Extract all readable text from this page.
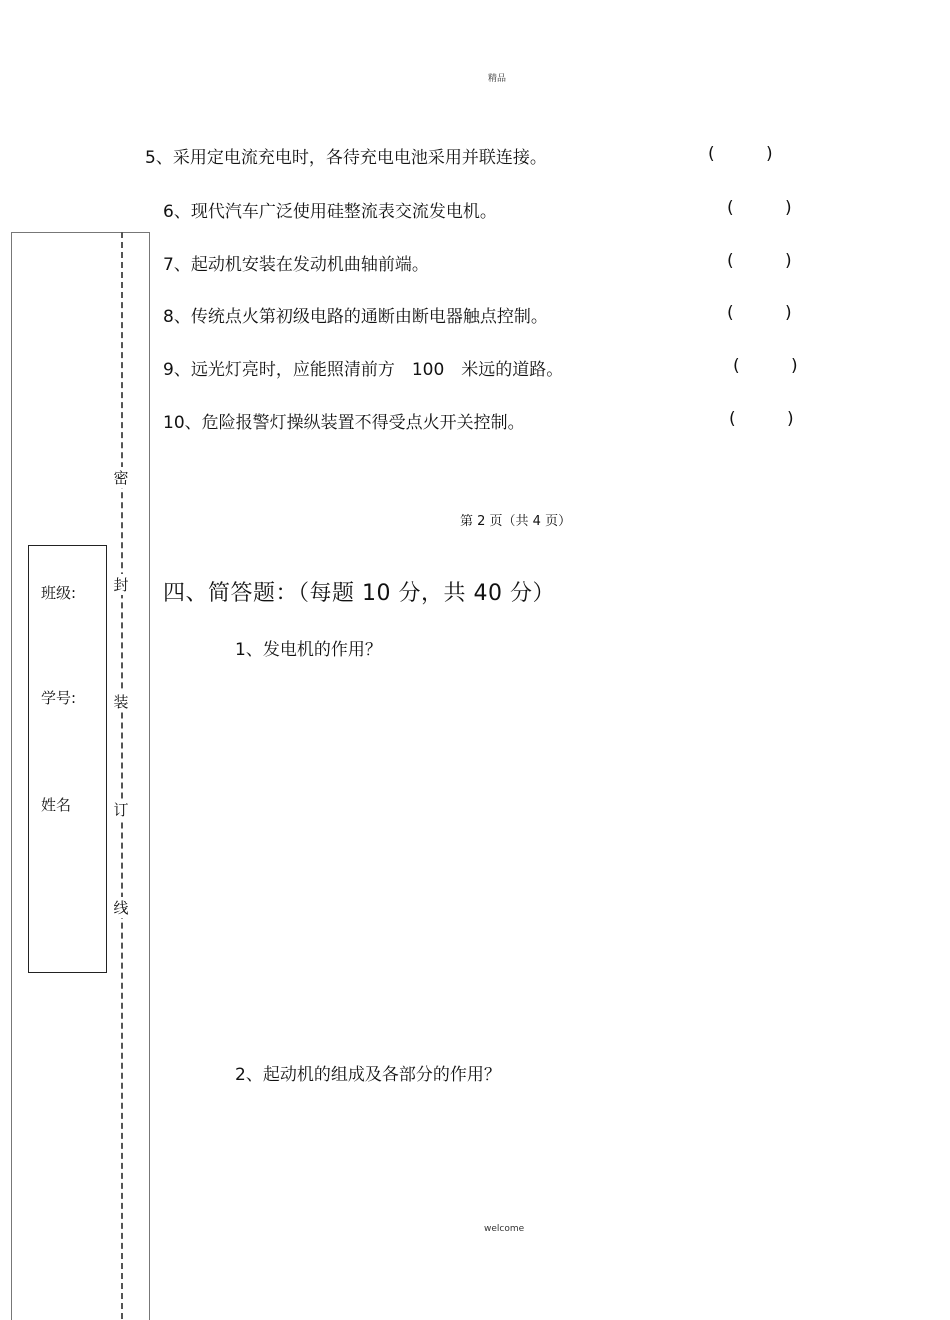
精品
密
封
装
订
线
班级:
学号:
姓名
5、采用定电流充电时，各待充电电池采用并联连接。	(	)
6、现代汽车广泛使用硅整流表交流发电机。	(	)
7、起动机安装在发动机曲轴前端。	(	)
8、传统点火第初级电路的通断由断电器触点控制。	(	)
9、远光灯亮时，应能照清前方　100　米远的道路。	(	)
10、危险报警灯操纵装置不得受点火开关控制。	(	)
第 2 页（共 4 页）
四、简答题：（每题 10 分，共 40 分）
1、发电机的作用？
2、起动机的组成及各部分的作用？
welcome
